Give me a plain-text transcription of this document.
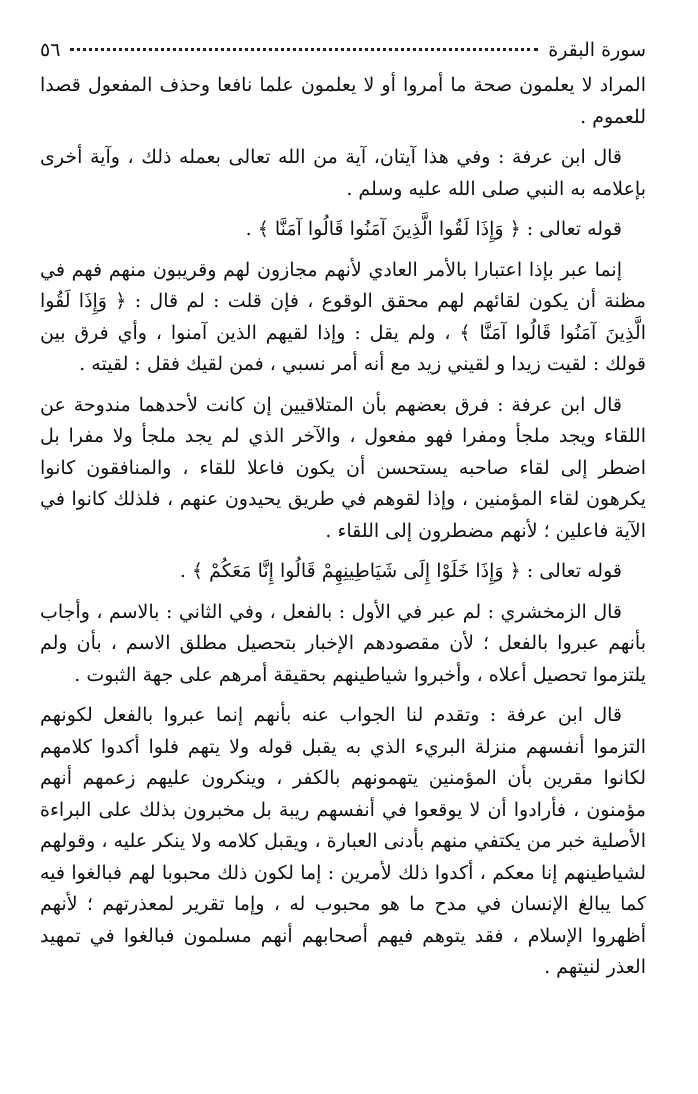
سورة البقرة
٥٦

المراد لا يعلمون صحة ما أمروا أو لا يعلمون علما نافعا وحذف المفعول قصدا للعموم .

قال ابن عرفة : وفي هذا آيتان، آية من الله تعالى بعمله ذلك ، وآية أخرى بإعلامه به النبي صلى الله عليه وسلم .

قوله تعالى : ﴿ وَإِذَا لَقُوا الَّذِينَ آمَنُوا قَالُوا آمَنَّا ﴾ .

إنما عبر بإذا اعتبارا بالأمر العادي لأنهم مجازون لهم وقريبون منهم فهم في مظنة أن يكون لقائهم لهم محقق الوقوع ، فإن قلت : لم قال : ﴿ وَإِذَا لَقُوا الَّذِينَ آمَنُوا قَالُوا آمَنَّا ﴾ ، ولم يقل : وإذا لقيهم الذين آمنوا ، وأي فرق بين قولك : لقيت زيدا و لقيني زيد مع أنه أمر نسبي ، فمن لقيك فقل : لقيته .

قال ابن عرفة : فرق بعضهم بأن المتلاقيين إن كانت لأحدهما مندوحة عن اللقاء ويجد ملجأ ومفرا فهو مفعول ، والآخر الذي لم يجد ملجأ ولا مفرا بل اضطر إلى لقاء صاحبه يستحسن أن يكون فاعلا للقاء ، والمنافقون كانوا يكرهون لقاء المؤمنين ، وإذا لقوهم في طريق يحيدون عنهم ، فلذلك كانوا في الآية فاعلين ؛ لأنهم مضطرون إلى اللقاء .

قوله تعالى : ﴿ وَإِذَا خَلَوْا إِلَى شَيَاطِينِهِمْ قَالُوا إِنَّا مَعَكُمْ ﴾ .

قال الزمخشري : لم عبر في الأول : بالفعل ، وفي الثاني : بالاسم ، وأجاب بأنهم عبروا بالفعل ؛ لأن مقصودهم الإخبار بتحصيل مطلق الاسم ، بأن ولم يلتزموا تحصيل أعلاه ، وأخبروا شياطينهم بحقيقة أمرهم على جهة الثبوت .

قال ابن عرفة : وتقدم لنا الجواب عنه بأنهم إنما عبروا بالفعل لكونهم التزموا أنفسهم منزلة البريء الذي به يقبل قوله ولا يتهم فلوا أكدوا كلامهم لكانوا مقرين بأن المؤمنين يتهمونهم بالكفر ، وينكرون عليهم زعمهم أنهم مؤمنون ، فأرادوا أن لا يوقعوا في أنفسهم ريبة بل مخبرون بذلك على البراءة الأصلية خبر من يكتفي منهم بأدنى العبارة ، ويقبل كلامه ولا ينكر عليه ، وقولهم لشياطينهم إنا معكم ، أكدوا ذلك لأمرين : إما لكون ذلك محبوبا لهم فبالغوا فيه كما يبالغ الإنسان في مدح ما هو محبوب له ، وإما تقرير لمعذرتهم ؛ لأنهم أظهروا الإسلام ، فقد يتوهم فيهم أصحابهم أنهم مسلمون فبالغوا في تمهيد العذر لنيتهم .
